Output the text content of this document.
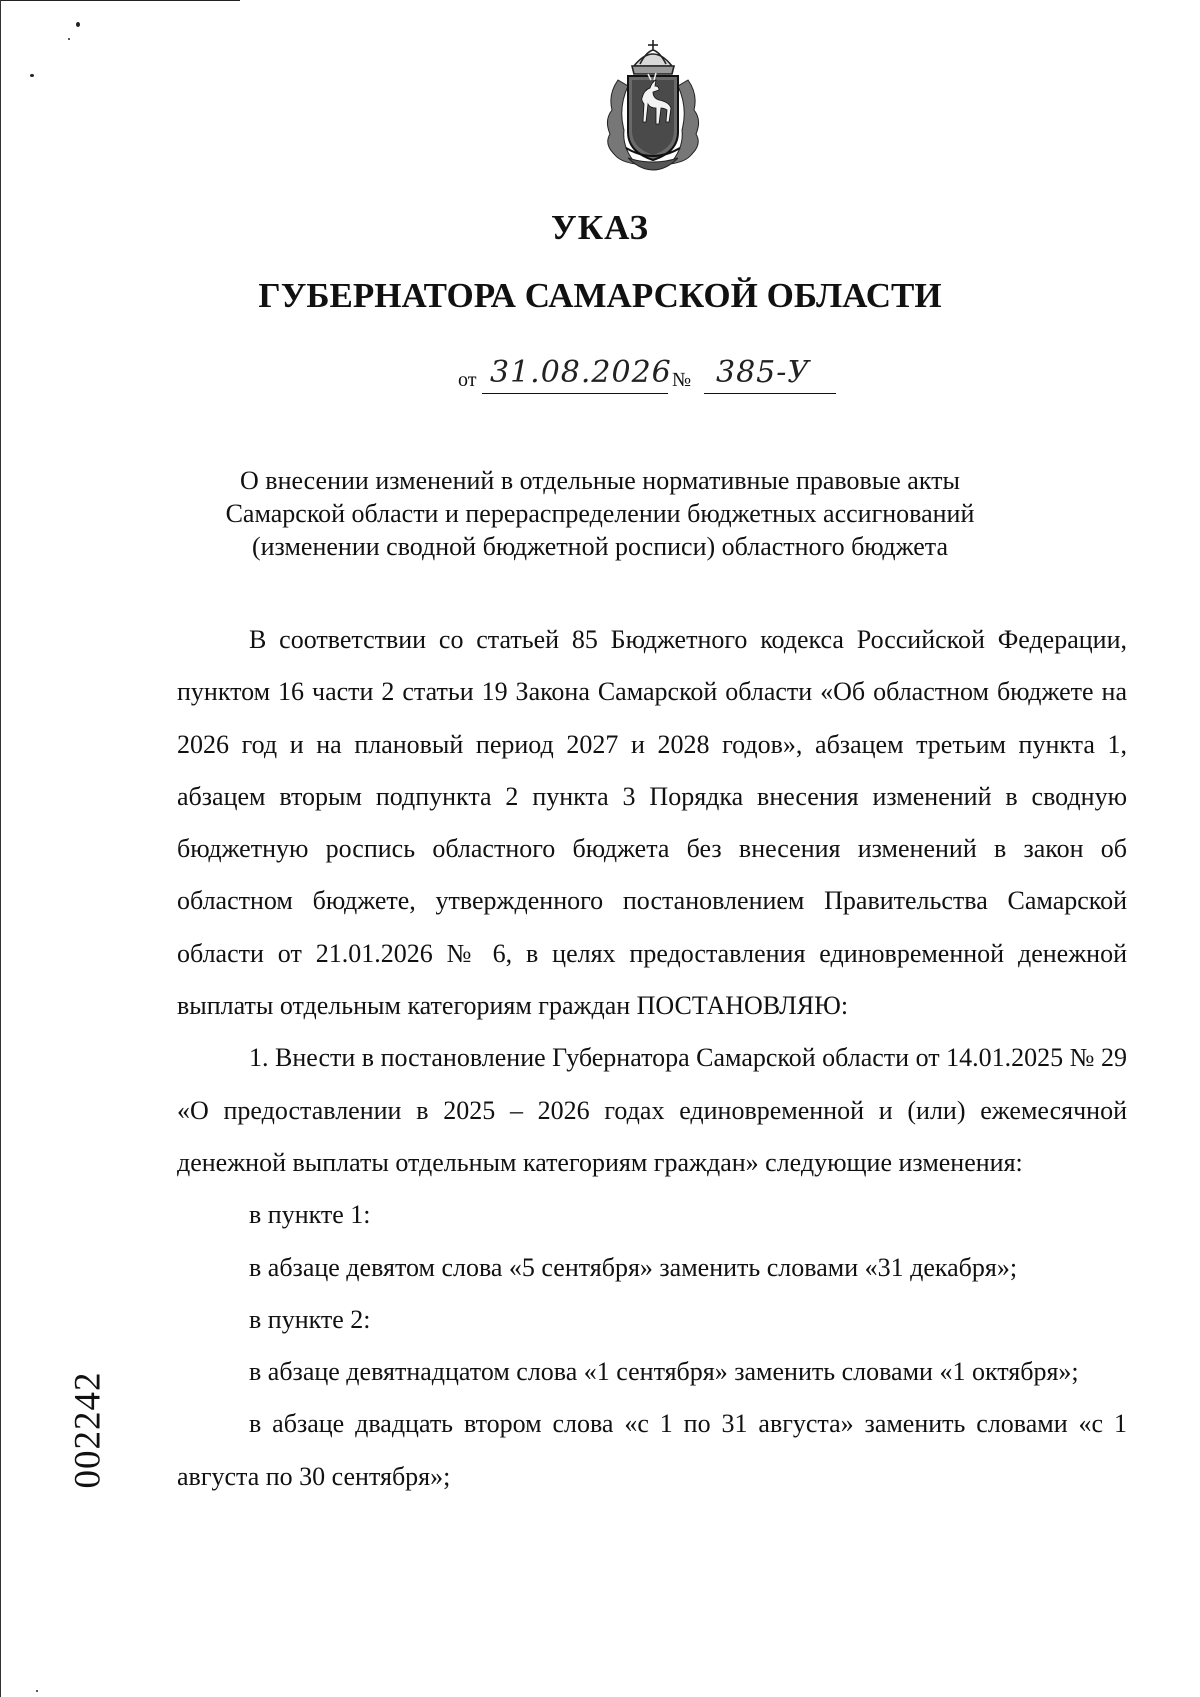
УКАЗ
ГУБЕРНАТОРА САМАРСКОЙ ОБЛАСТИ
от 31.08.2026 № 385-У
О внесении изменений в отдельные нормативные правовые акты
Самарской области и перераспределении бюджетных ассигнований
(изменении сводной бюджетной росписи) областного бюджета

В соответствии со статьей 85 Бюджетного кодекса Российской Федерации, пунктом 16 части 2 статьи 19 Закона Самарской области «Об областном бюджете на 2026 год и на плановый период 2027 и 2028 годов», абзацем третьим пункта 1, абзацем вторым подпункта 2 пункта 3 Порядка внесения изменений в сводную бюджетную роспись областного бюджета без внесения изменений в закон об областном бюджете, утвержденного постановлением Правительства Самарской области от 21.01.2026 № 6, в целях предоставления единовременной денежной выплаты отдельным категориям граждан ПОСТАНОВЛЯЮ:

1. Внести в постановление Губернатора Самарской области от 14.01.2025 № 29 «О предоставлении в 2025 – 2026 годах единовременной и (или) ежемесячной денежной выплаты отдельным категориям граждан» следующие изменения:

в пункте 1:

в абзаце девятом слова «5 сентября» заменить словами «31 декабря»;

в пункте 2:

в абзаце девятнадцатом слова «1 сентября» заменить словами «1 октября»;

в абзаце двадцать втором слова «с 1 по 31 августа» заменить словами «с 1 августа по 30 сентября»;

002242
